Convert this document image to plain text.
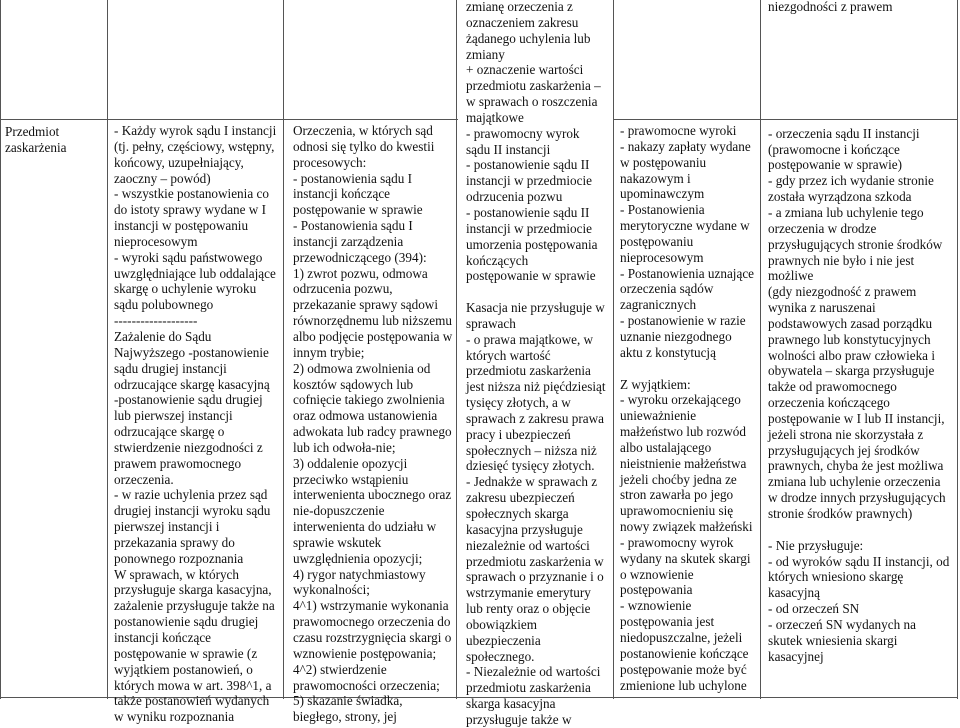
Przedmiot
zaskarżenia
- Każdy wyrok sądu I instancji
(tj. pełny, częściowy, wstępny,
końcowy, uzupełniający,
zaoczny – powód)
- wszystkie postanowienia co
do istoty sprawy wydane w I
instancji w postępowaniu
nieprocesowym
- wyroki sądu państwowego
uwzględniające lub oddalające
skargę o uchylenie wyroku
sądu polubownego
-------------------
Zażalenie do Sądu
Najwyższego -postanowienie
sądu drugiej instancji
odrzucające skargę kasacyjną
-postanowienie sądu drugiej
lub pierwszej instancji
odrzucające skargę o
stwierdzenie niezgodności z
prawem prawomocnego
orzeczenia.
- w razie uchylenia przez sąd
drugiej instancji wyroku sądu
pierwszej instancji i
przekazania sprawy do
ponownego rozpoznania
W sprawach, w których
przysługuje skarga kasacyjna,
zażalenie przysługuje także na
postanowienie sądu drugiej
instancji kończące
postępowanie w sprawie (z
wyjątkiem postanowień, o
których mowa w art. 398^1, a
także postanowień wydanych
w wyniku rozpoznania
Orzeczenia, w których sąd
odnosi się tylko do kwestii
procesowych:
- postanowienia sądu I
instancji kończące
postępowanie w sprawie
- Postanowienia sądu I
instancji zarządzenia
przewodniczącego (394):
1) zwrot pozwu, odmowa
odrzucenia pozwu,
przekazanie sprawy sądowi
równorzędnemu lub niższemu
albo podjęcie postępowania w
innym trybie;
2) odmowa zwolnienia od
kosztów sądowych lub
cofnięcie takiego zwolnienia
oraz odmowa ustanowienia
adwokata lub radcy prawnego
lub ich odwoła-nie;
3) oddalenie opozycji
przeciwko wstąpieniu
interwenienta ubocznego oraz
nie-dopuszczenie
interwenienta do udziału w
sprawie wskutek
uwzględnienia opozycji;
4) rygor natychmiastowy
wykonalności;
4^1) wstrzymanie wykonania
prawomocnego orzeczenia do
czasu rozstrzygnięcia skargi o
wznowienie postępowania;
4^2) stwierdzenie
prawomocności orzeczenia;
5) skazanie świadka,
biegłego, strony, jej
zmianę orzeczenia z
oznaczeniem zakresu
żądanego uchylenia lub
zmiany
+ oznaczenie wartości
przedmiotu zaskarżenia –
w sprawach o roszczenia
majątkowe
- prawomocny wyrok
sądu II instancji
- postanowienie sądu II
instancji w przedmiocie
odrzucenia pozwu
- postanowienie sądu II
instancji w przedmiocie
umorzenia postępowania
kończących
postępowanie w sprawie
Kasacja nie przysługuje w
sprawach
- o prawa majątkowe, w
których wartość
przedmiotu zaskarżenia
jest niższa niż pięćdziesiąt
tysięcy złotych, a w
sprawach z zakresu prawa
pracy i ubezpieczeń
społecznych – niższa niż
dziesięć tysięcy złotych.
- Jednakże w sprawach z
zakresu ubezpieczeń
społecznych skarga
kasacyjna przysługuje
niezależnie od wartości
przedmiotu zaskarżenia w
sprawach o przyznanie i o
wstrzymanie emerytury
lub renty oraz o objęcie
obowiązkiem
ubezpieczenia
społecznego.
- Niezależnie od wartości
przedmiotu zaskarżenia
skarga kasacyjna
przysługuje także w
- prawomocne wyroki
- nakazy zapłaty wydane
w postępowaniu
nakazowym i
upominawczym
- Postanowienia
merytoryczne wydane w
postępowaniu
nieprocesowym
- Postanowienia uznające
orzeczenia sądów
zagranicznych
- postanowienie w razie
uznanie niezgodnego
aktu z konstytucją
Z wyjątkiem:
- wyroku orzekającego
unieważnienie
małżeństwo lub rozwód
albo ustalającego
nieistnienie małżeństwa
jeżeli choćby jedna ze
stron zawarła po jego
uprawomocnieniu się
nowy związek małżeński
- prawomocny wyrok
wydany na skutek skargi
o wznowienie
postępowania
- wznowienie
postępowania jest
niedopuszczalne, jeżeli
postanowienie kończące
postępowanie może być
zmienione lub uchylone
niezgodności z prawem
- orzeczenia sądu II instancji
(prawomocne i kończące
postępowanie w sprawie)
- gdy przez ich wydanie stronie
została wyrządzona szkoda
- a zmiana lub uchylenie tego
orzeczenia w drodze
przysługujących stronie środków
prawnych nie było i nie jest
możliwe
(gdy niezgodność z prawem
wynika z naruszenai
podstawowych zasad porządku
prawnego lub konstytucyjnych
wolności albo praw człowieka i
obywatela – skarga przysługuje
także od prawomocnego
orzeczenia kończącego
postępowanie w I lub II instancji,
jeżeli strona nie skorzystała z
przysługujących jej środków
prawnych, chyba że jest możliwa
zmiana lub uchylenie orzeczenia
w drodze innych przysługujących
stronie środków prawnych)
- Nie przysługuje:
- od wyroków sądu II instancji, od
których wniesiono skargę
kasacyjną
- od orzeczeń SN
- orzeczeń SN wydanych na
skutek wniesienia skargi
kasacyjnej
